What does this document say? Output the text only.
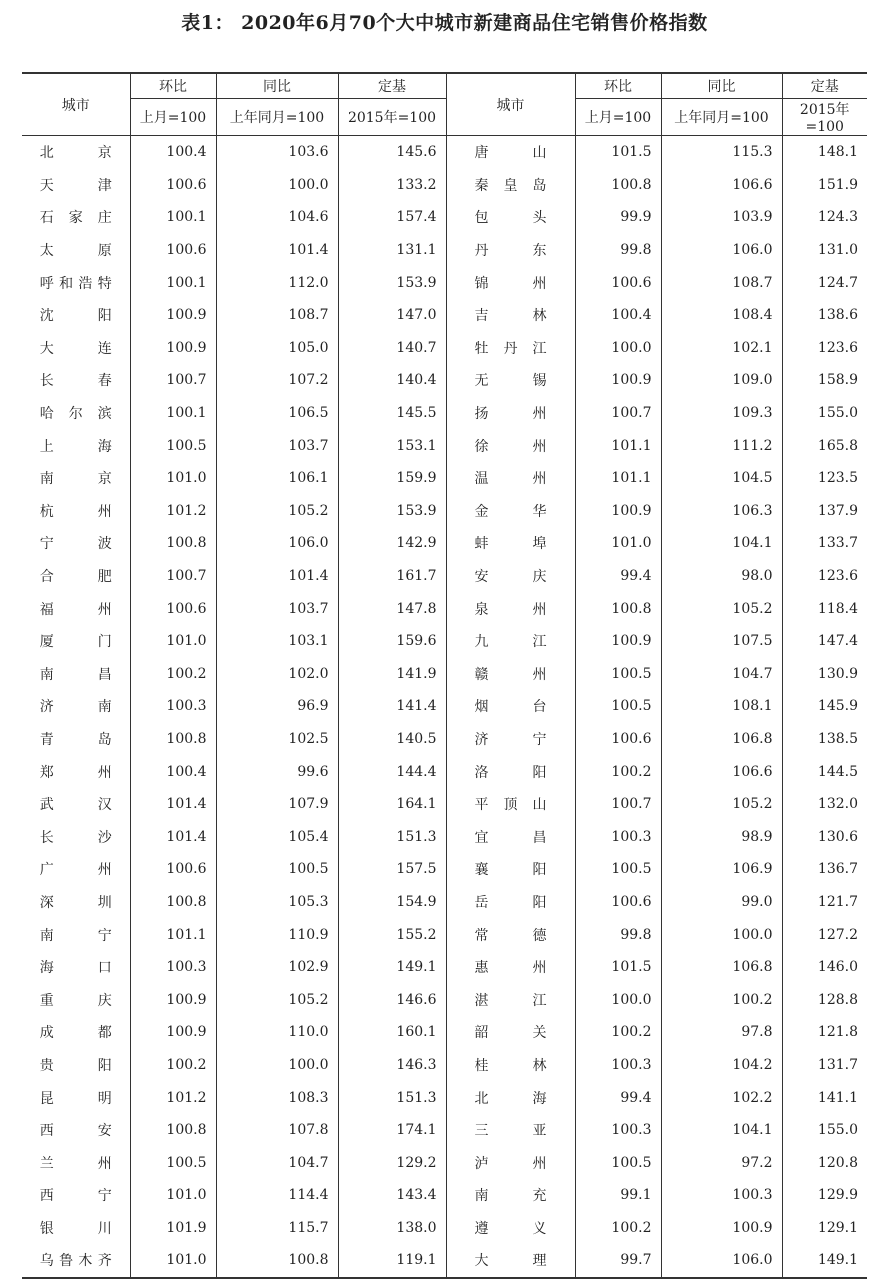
表1： 2020年6月70个大中城市新建商品住宅销售价格指数
城市	环比	同比	定基	城市	环比	同比	定基
	上月=100	上年同月=100	2015年=100		上月=100	上年同月=100	2015年=100
北　京	100.4	103.6	145.6	唐　山	101.5	115.3	148.1
天　津	100.6	100.0	133.2	秦皇岛	100.8	106.6	151.9
石家庄	100.1	104.6	157.4	包　头	99.9	103.9	124.3
太　原	100.6	101.4	131.1	丹　东	99.8	106.0	131.0
呼和浩特	100.1	112.0	153.9	锦　州	100.6	108.7	124.7
沈　阳	100.9	108.7	147.0	吉　林	100.4	108.4	138.6
大　连	100.9	105.0	140.7	牡丹江	100.0	102.1	123.6
长　春	100.7	107.2	140.4	无　锡	100.9	109.0	158.9
哈尔滨	100.1	106.5	145.5	扬　州	100.7	109.3	155.0
上　海	100.5	103.7	153.1	徐　州	101.1	111.2	165.8
南　京	101.0	106.1	159.9	温　州	101.1	104.5	123.5
杭　州	101.2	105.2	153.9	金　华	100.9	106.3	137.9
宁　波	100.8	106.0	142.9	蚌　埠	101.0	104.1	133.7
合　肥	100.7	101.4	161.7	安　庆	99.4	98.0	123.6
福　州	100.6	103.7	147.8	泉　州	100.8	105.2	118.4
厦　门	101.0	103.1	159.6	九　江	100.9	107.5	147.4
南　昌	100.2	102.0	141.9	赣　州	100.5	104.7	130.9
济　南	100.3	96.9	141.4	烟　台	100.5	108.1	145.9
青　岛	100.8	102.5	140.5	济　宁	100.6	106.8	138.5
郑　州	100.4	99.6	144.4	洛　阳	100.2	106.6	144.5
武　汉	101.4	107.9	164.1	平顶山	100.7	105.2	132.0
长　沙	101.4	105.4	151.3	宜　昌	100.3	98.9	130.6
广　州	100.6	100.5	157.5	襄　阳	100.5	106.9	136.7
深　圳	100.8	105.3	154.9	岳　阳	100.6	99.0	121.7
南　宁	101.1	110.9	155.2	常　德	99.8	100.0	127.2
海　口	100.3	102.9	149.1	惠　州	101.5	106.8	146.0
重　庆	100.9	105.2	146.6	湛　江	100.0	100.2	128.8
成　都	100.9	110.0	160.1	韶　关	100.2	97.8	121.8
贵　阳	100.2	100.0	146.3	桂　林	100.3	104.2	131.7
昆　明	101.2	108.3	151.3	北　海	99.4	102.2	141.1
西　安	100.8	107.8	174.1	三　亚	100.3	104.1	155.0
兰　州	100.5	104.7	129.2	泸　州	100.5	97.2	120.8
西　宁	101.0	114.4	143.4	南　充	99.1	100.3	129.9
银　川	101.9	115.7	138.0	遵　义	100.2	100.9	129.1
乌鲁木齐	101.0	100.8	119.1	大　理	99.7	106.0	149.1
